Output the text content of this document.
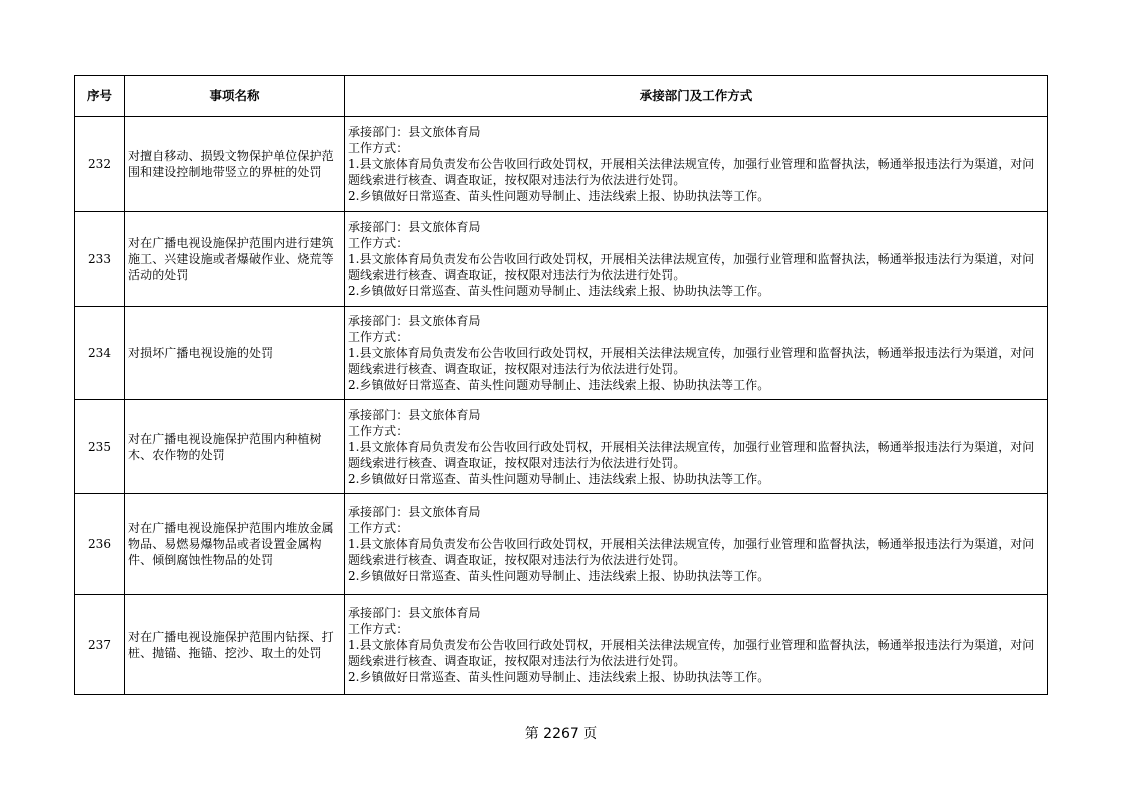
序号	事项名称	承接部门及工作方式
232	对擅自移动、损毁文物保护单位保护范围和建设控制地带竖立的界桩的处罚	承接部门：县文旅体育局
工作方式：
1.县文旅体育局负责发布公告收回行政处罚权，开展相关法律法规宣传，加强行业管理和监督执法，畅通举报违法行为渠道，对问题线索进行核查、调查取证，按权限对违法行为依法进行处罚。
2.乡镇做好日常巡查、苗头性问题劝导制止、违法线索上报、协助执法等工作。

233	对在广播电视设施保护范围内进行建筑施工、兴建设施或者爆破作业、烧荒等活动的处罚	承接部门：县文旅体育局
工作方式：
1.县文旅体育局负责发布公告收回行政处罚权，开展相关法律法规宣传，加强行业管理和监督执法，畅通举报违法行为渠道，对问题线索进行核查、调查取证，按权限对违法行为依法进行处罚。
2.乡镇做好日常巡查、苗头性问题劝导制止、违法线索上报、协助执法等工作。

234	对损坏广播电视设施的处罚	承接部门：县文旅体育局
工作方式：
1.县文旅体育局负责发布公告收回行政处罚权，开展相关法律法规宣传，加强行业管理和监督执法，畅通举报违法行为渠道，对问题线索进行核查、调查取证，按权限对违法行为依法进行处罚。
2.乡镇做好日常巡查、苗头性问题劝导制止、违法线索上报、协助执法等工作。

235	对在广播电视设施保护范围内种植树木、农作物的处罚	承接部门：县文旅体育局
工作方式：
1.县文旅体育局负责发布公告收回行政处罚权，开展相关法律法规宣传，加强行业管理和监督执法，畅通举报违法行为渠道，对问题线索进行核查、调查取证，按权限对违法行为依法进行处罚。
2.乡镇做好日常巡查、苗头性问题劝导制止、违法线索上报、协助执法等工作。

236	对在广播电视设施保护范围内堆放金属物品、易燃易爆物品或者设置金属构件、倾倒腐蚀性物品的处罚	承接部门：县文旅体育局
工作方式：
1.县文旅体育局负责发布公告收回行政处罚权，开展相关法律法规宣传，加强行业管理和监督执法，畅通举报违法行为渠道，对问题线索进行核查、调查取证，按权限对违法行为依法进行处罚。
2.乡镇做好日常巡查、苗头性问题劝导制止、违法线索上报、协助执法等工作。

237	对在广播电视设施保护范围内钻探、打桩、抛锚、拖锚、挖沙、取土的处罚	承接部门：县文旅体育局
工作方式：
1.县文旅体育局负责发布公告收回行政处罚权，开展相关法律法规宣传，加强行业管理和监督执法，畅通举报违法行为渠道，对问题线索进行核查、调查取证，按权限对违法行为依法进行处罚。
2.乡镇做好日常巡查、苗头性问题劝导制止、违法线索上报、协助执法等工作。
第 2267 页
